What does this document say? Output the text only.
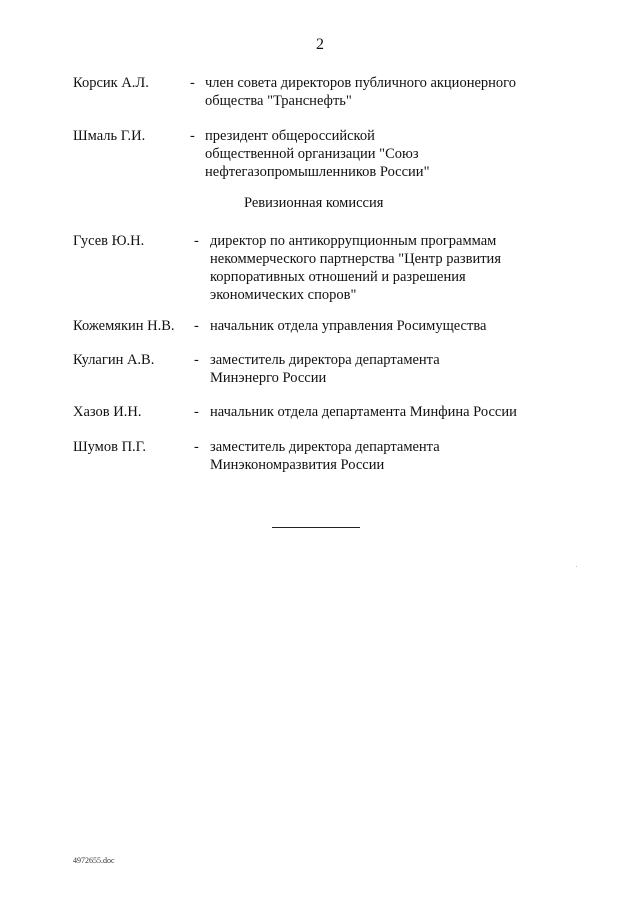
2
Корсик А.Л.	- член совета директоров публичного акционерного
общества "Транснефть"
Шмаль Г.И.	- президент общероссийской
общественной организации "Союз
нефтегазопромышленников России"
Ревизионная комиссия
Гусев Ю.Н.	- директор по антикоррупционным программам
некоммерческого партнерства "Центр развития
корпоративных отношений и разрешения
экономических споров"
Кожемякин Н.В. - начальник отдела управления Росимущества
Кулагин А.В.	- заместитель директора департамента
Минэнерго России
Хазов И.Н.	- начальник отдела департамента Минфина России
Шумов П.Г.	- заместитель директора департамента
Минэкономразвития России
4972655.doc
